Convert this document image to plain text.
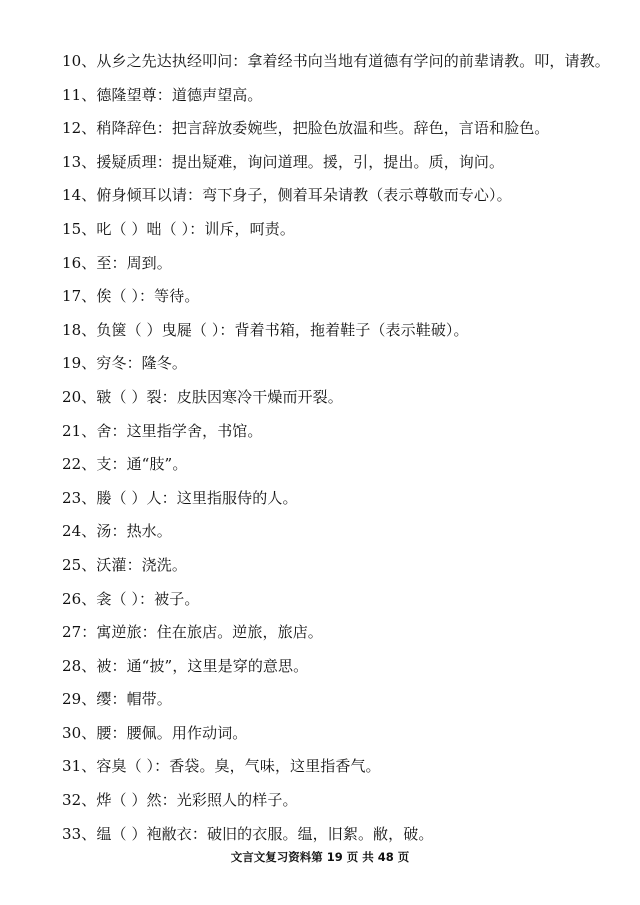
10、从乡之先达执经叩问：拿着经书向当地有道德有学问的前辈请教。叩，请教。
11、德隆望尊：道德声望高。
12、稍降辞色：把言辞放委婉些，把脸色放温和些。辞色，言语和脸色。
13、援疑质理：提出疑难，询问道理。援，引，提出。质，询问。
14、俯身倾耳以请：弯下身子，侧着耳朵请教（表示尊敬而专心）。
15、叱（ ）咄（ ）：训斥，呵责。
16、至：周到。
17、俟（ ）：等待。
18、负箧（ ）曳屣（ ）：背着书箱，拖着鞋子（表示鞋破）。
19、穷冬：隆冬。
20、皲（ ）裂：皮肤因寒冷干燥而开裂。
21、舍：这里指学舍，书馆。
22、支：通“肢”。
23、媵（ ）人：这里指服侍的人。
24、汤：热水。
25、沃灌：浇洗。
26、衾（ ）：被子。
27：寓逆旅：住在旅店。逆旅，旅店。
28、被：通“披”，这里是穿的意思。
29、缨：帽带。
30、腰：腰佩。用作动词。
31、容臭（ ）：香袋。臭，气味，这里指香气。
32、烨（ ）然：光彩照人的样子。
33、缊（ ）袍敝衣：破旧的衣服。缊，旧絮。敝，破。
文言文复习资料第 19 页 共 48 页
